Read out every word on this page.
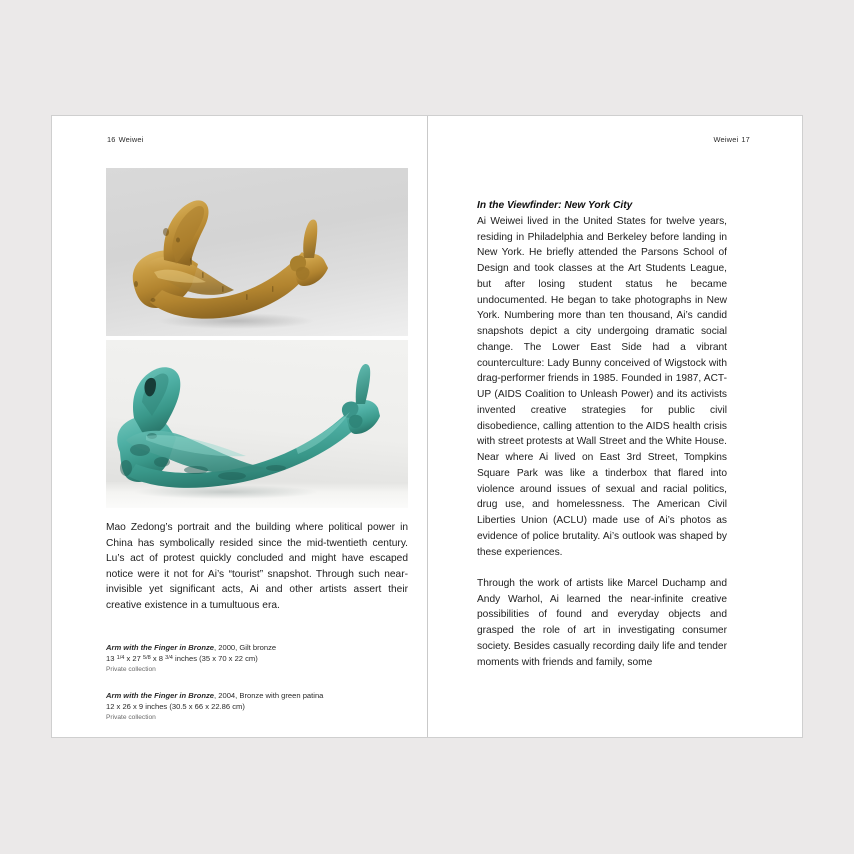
16 Weiwei
Mao Zedong’s portrait and the building where political power in China has symbolically resided since the mid-twentieth century. Lu’s act of protest quickly concluded and might have escaped notice were it not for Ai’s “tourist” snapshot. Through such near-invisible yet significant acts, Ai and other artists assert their creative existence in a tumultuous era.
Arm with the Finger in Bronze, 2000, Gilt bronze
13 $^{1/4}$ x 27 $^{5/8}$ x 8 $^{3/4}$ inches (35 x 70 x 22 cm)
Private collection
Arm with the Finger in Bronze, 2004, Bronze with green patina
12 x 26 x 9 inches (30.5 x 66 x 22.86 cm)
Private collection
Weiwei 17

In the Viewfinder: New York City

Ai Weiwei lived in the United States for twelve years, residing in Philadelphia and Berkeley before landing in New York. He briefly attended the Parsons School of Design and took classes at the Art Students League, but after losing student status he became undocumented. He began to take photographs in New York. Numbering more than ten thousand, Ai’s candid snapshots depict a city undergoing dramatic social change. The Lower East Side had a vibrant counterculture: Lady Bunny conceived of Wigstock with drag-performer friends in 1985. Founded in 1987, ACT-UP (AIDS Coalition to Unleash Power) and its activists invented creative strategies for public civil disobedience, calling attention to the AIDS health crisis with street protests at Wall Street and the White House. Near where Ai lived on East 3rd Street, Tompkins Square Park was like a tinderbox that flared into violence around issues of sexual and racial politics, drug use, and homelessness. The American Civil Liberties Union (ACLU) made use of Ai’s photos as evidence of police brutality. Ai’s outlook was shaped by these experiences.

Through the work of artists like Marcel Duchamp and Andy Warhol, Ai learned the near-infinite creative possibilities of found and everyday objects and grasped the role of art in investigating consumer society. Besides casually recording daily life and tender moments with friends and family, some
